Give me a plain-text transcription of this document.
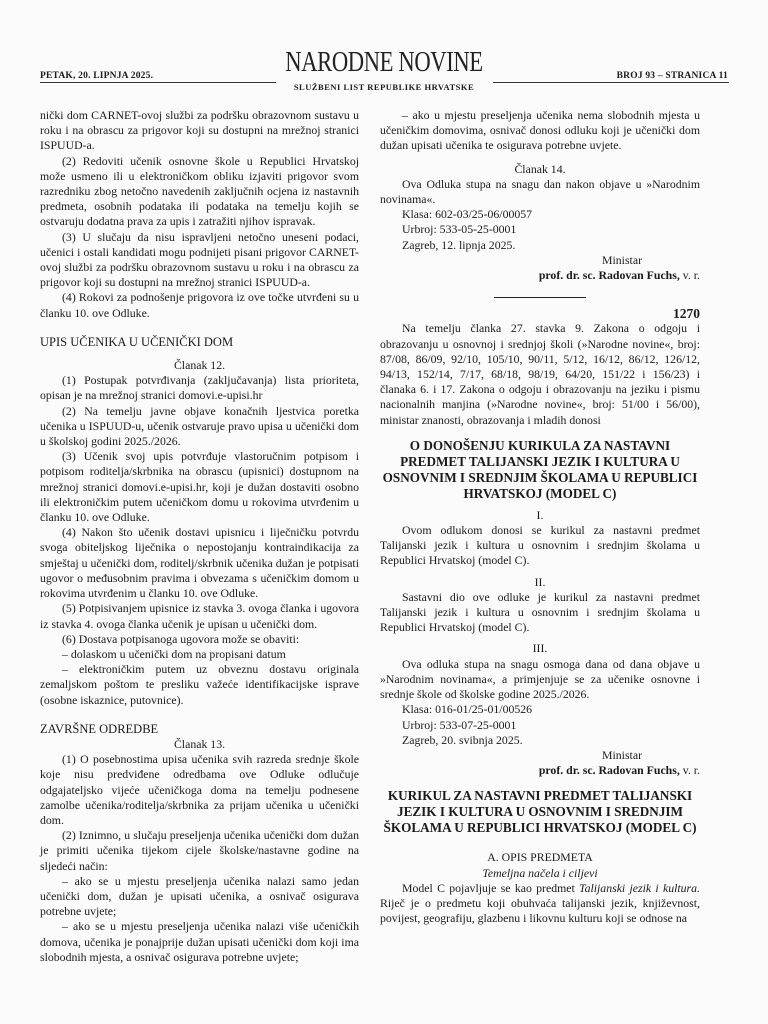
PETAK, 20. LIPNJA 2025.	NARODNE NOVINE
SLUŽBENI LIST REPUBLIKE HRVATSKE
BROJ 93 – STRANICA 11

nički dom CARNET-ovoj službi za podršku obrazovnom sustavu u roku i na obrascu za prigovor koji su dostupni na mrežnoj stranici ISPUUD-a.

(2) Redoviti učenik osnovne škole u Republici Hrvatskoj može usmeno ili u elektroničkom obliku izjaviti prigovor svom razredniku zbog netočno navedenih zaključnih ocjena iz nastavnih predmeta, osobnih podataka ili podataka na temelju kojih se ostvaruju dodatna prava za upis i zatražiti njihov ispravak.

(3) U slučaju da nisu ispravljeni netočno uneseni podaci, učenici i ostali kandidati mogu podnijeti pisani prigovor CARNET-ovoj službi za podršku obrazovnom sustavu u roku i na obrascu za prigovor koji su dostupni na mrežnoj stranici ISPUUD-a.

(4) Rokovi za podnošenje prigovora iz ove točke utvrđeni su u članku 10. ove Odluke.

UPIS UČENIKA U UČENIČKI DOM

Članak 12.

(1) Postupak potvrđivanja (zaključavanja) lista prioriteta, opisan je na mrežnoj stranici domovi.e-upisi.hr

(2) Na temelju javne objave konačnih ljestvica poretka učenika u ISPUUD-u, učenik ostvaruje pravo upisa u učenički dom u školskoj godini 2025./2026.

(3) Učenik svoj upis potvrđuje vlastoručnim potpisom i potpisom roditelja/skrbnika na obrascu (upisnici) dostupnom na mrežnoj stranici domovi.e-upisi.hr, koji je dužan dostaviti osobno ili elektroničkim putem učeničkom domu u rokovima utvrđenim u članku 10. ove Odluke.

(4) Nakon što učenik dostavi upisnicu i liječničku potvrdu svoga obiteljskog liječnika o nepostojanju kontraindikacija za smještaj u učenički dom, roditelj/skrbnik učenika dužan je potpisati ugovor o međusobnim pravima i obvezama s učeničkim domom u rokovima utvrđenim u članku 10. ove Odluke.

(5) Potpisivanjem upisnice iz stavka 3. ovoga članka i ugovora iz stavka 4. ovoga članka učenik je upisan u učenički dom.

(6) Dostava potpisanoga ugovora može se obaviti:

– dolaskom u učenički dom na propisani datum

– elektroničkim putem uz obveznu dostavu originala zemaljskom poštom te presliku važeće identifikacijske isprave (osobne iskaznice, putovnice).

ZAVRŠNE ODREDBE

Članak 13.

(1) O posebnostima upisa učenika svih razreda srednje škole koje nisu predviđene odredbama ove Odluke odlučuje odgajateljsko vijeće učeničkoga doma na temelju podnesene zamolbe učenika/roditelja/skrbnika za prijam učenika u učenički dom.

(2) Iznimno, u slučaju preseljenja učenika učenički dom dužan je primiti učenika tijekom cijele školske/nastavne godine na sljedeći način:

– ako se u mjestu preseljenja učenika nalazi samo jedan učenički dom, dužan je upisati učenika, a osnivač osigurava potrebne uvjete;

– ako se u mjestu preseljenja učenika nalazi više učeničkih domova, učenika je ponajprije dužan upisati učenički dom koji ima slobodnih mjesta, a osnivač osigurava potrebne uvjete;

– ako u mjestu preseljenja učenika nema slobodnih mjesta u učeničkim domovima, osnivač donosi odluku koji je učenički dom dužan upisati učenika te osigurava potrebne uvjete.

Članak 14.

Ova Odluka stupa na snagu dan nakon objave u »Narodnim novinama«.

Klasa: 602-03/25-06/00057

Urbroj: 533-05-25-0001

Zagreb, 12. lipnja 2025.

Ministar

prof. dr. sc. Radovan Fuchs, v. r.

1270

Na temelju članka 27. stavka 9. Zakona o odgoju i obrazovanju u osnovnoj i srednjoj školi (»Narodne novine«, broj: 87/08, 86/09, 92/10, 105/10, 90/11, 5/12, 16/12, 86/12, 126/12, 94/13, 152/14, 7/17, 68/18, 98/19, 64/20, 151/22 i 156/23) i članaka 6. i 17. Zakona o odgoju i obrazovanju na jeziku i pismu nacionalnih manjina (»Narodne novine«, broj: 51/00 i 56/00), ministar znanosti, obrazovanja i mladih donosi

O DONOŠENJU KURIKULA ZA NASTAVNI PREDMET TALIJANSKI JEZIK I KULTURA U OSNOVNIM I SREDNJIM ŠKOLAMA U REPUBLICI HRVATSKOJ (MODEL C)

I.

Ovom odlukom donosi se kurikul za nastavni predmet Talijanski jezik i kultura u osnovnim i srednjim školama u Republici Hrvatskoj (model C).

II.

Sastavni dio ove odluke je kurikul za nastavni predmet Talijanski jezik i kultura u osnovnim i srednjim školama u Republici Hrvatskoj (model C).

III.

Ova odluka stupa na snagu osmoga dana od dana objave u »Narodnim novinama«, a primjenjuje se za učenike osnovne i srednje škole od školske godine 2025./2026.

Klasa: 016-01/25-01/00526

Urbroj: 533-07-25-0001

Zagreb, 20. svibnja 2025.

Ministar

prof. dr. sc. Radovan Fuchs, v. r.

KURIKUL ZA NASTAVNI PREDMET TALIJANSKI JEZIK I KULTURA U OSNOVNIM I SREDNJIM ŠKOLAMA U REPUBLICI HRVATSKOJ (MODEL C)

A. OPIS PREDMETA

Temeljna načela i ciljevi

Model C pojavljuje se kao predmet Talijanski jezik i kultura. Riječ je o predmetu koji obuhvaća talijanski jezik, književnost, povijest, geografiju, glazbenu i likovnu kulturu koji se odnose na
